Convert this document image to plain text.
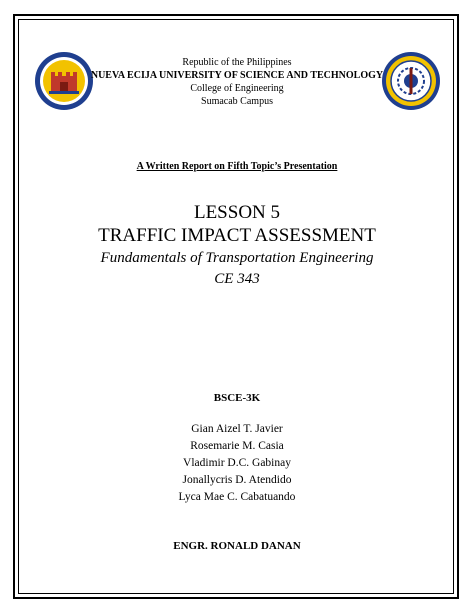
Republic of the Philippines
NUEVA ECIJA UNIVERSITY OF SCIENCE AND TECHNOLOGY
College of Engineering
Sumacab Campus
A Written Report on Fifth Topic’s Presentation
LESSON 5
TRAFFIC IMPACT ASSESSMENT
Fundamentals of Transportation Engineering
CE 343
BSCE-3K
Gian Aizel T. Javier
Rosemarie M. Casia
Vladimir D.C. Gabinay
Jonallycris D. Atendido
Lyca Mae C. Cabatuando
ENGR. RONALD DANAN
